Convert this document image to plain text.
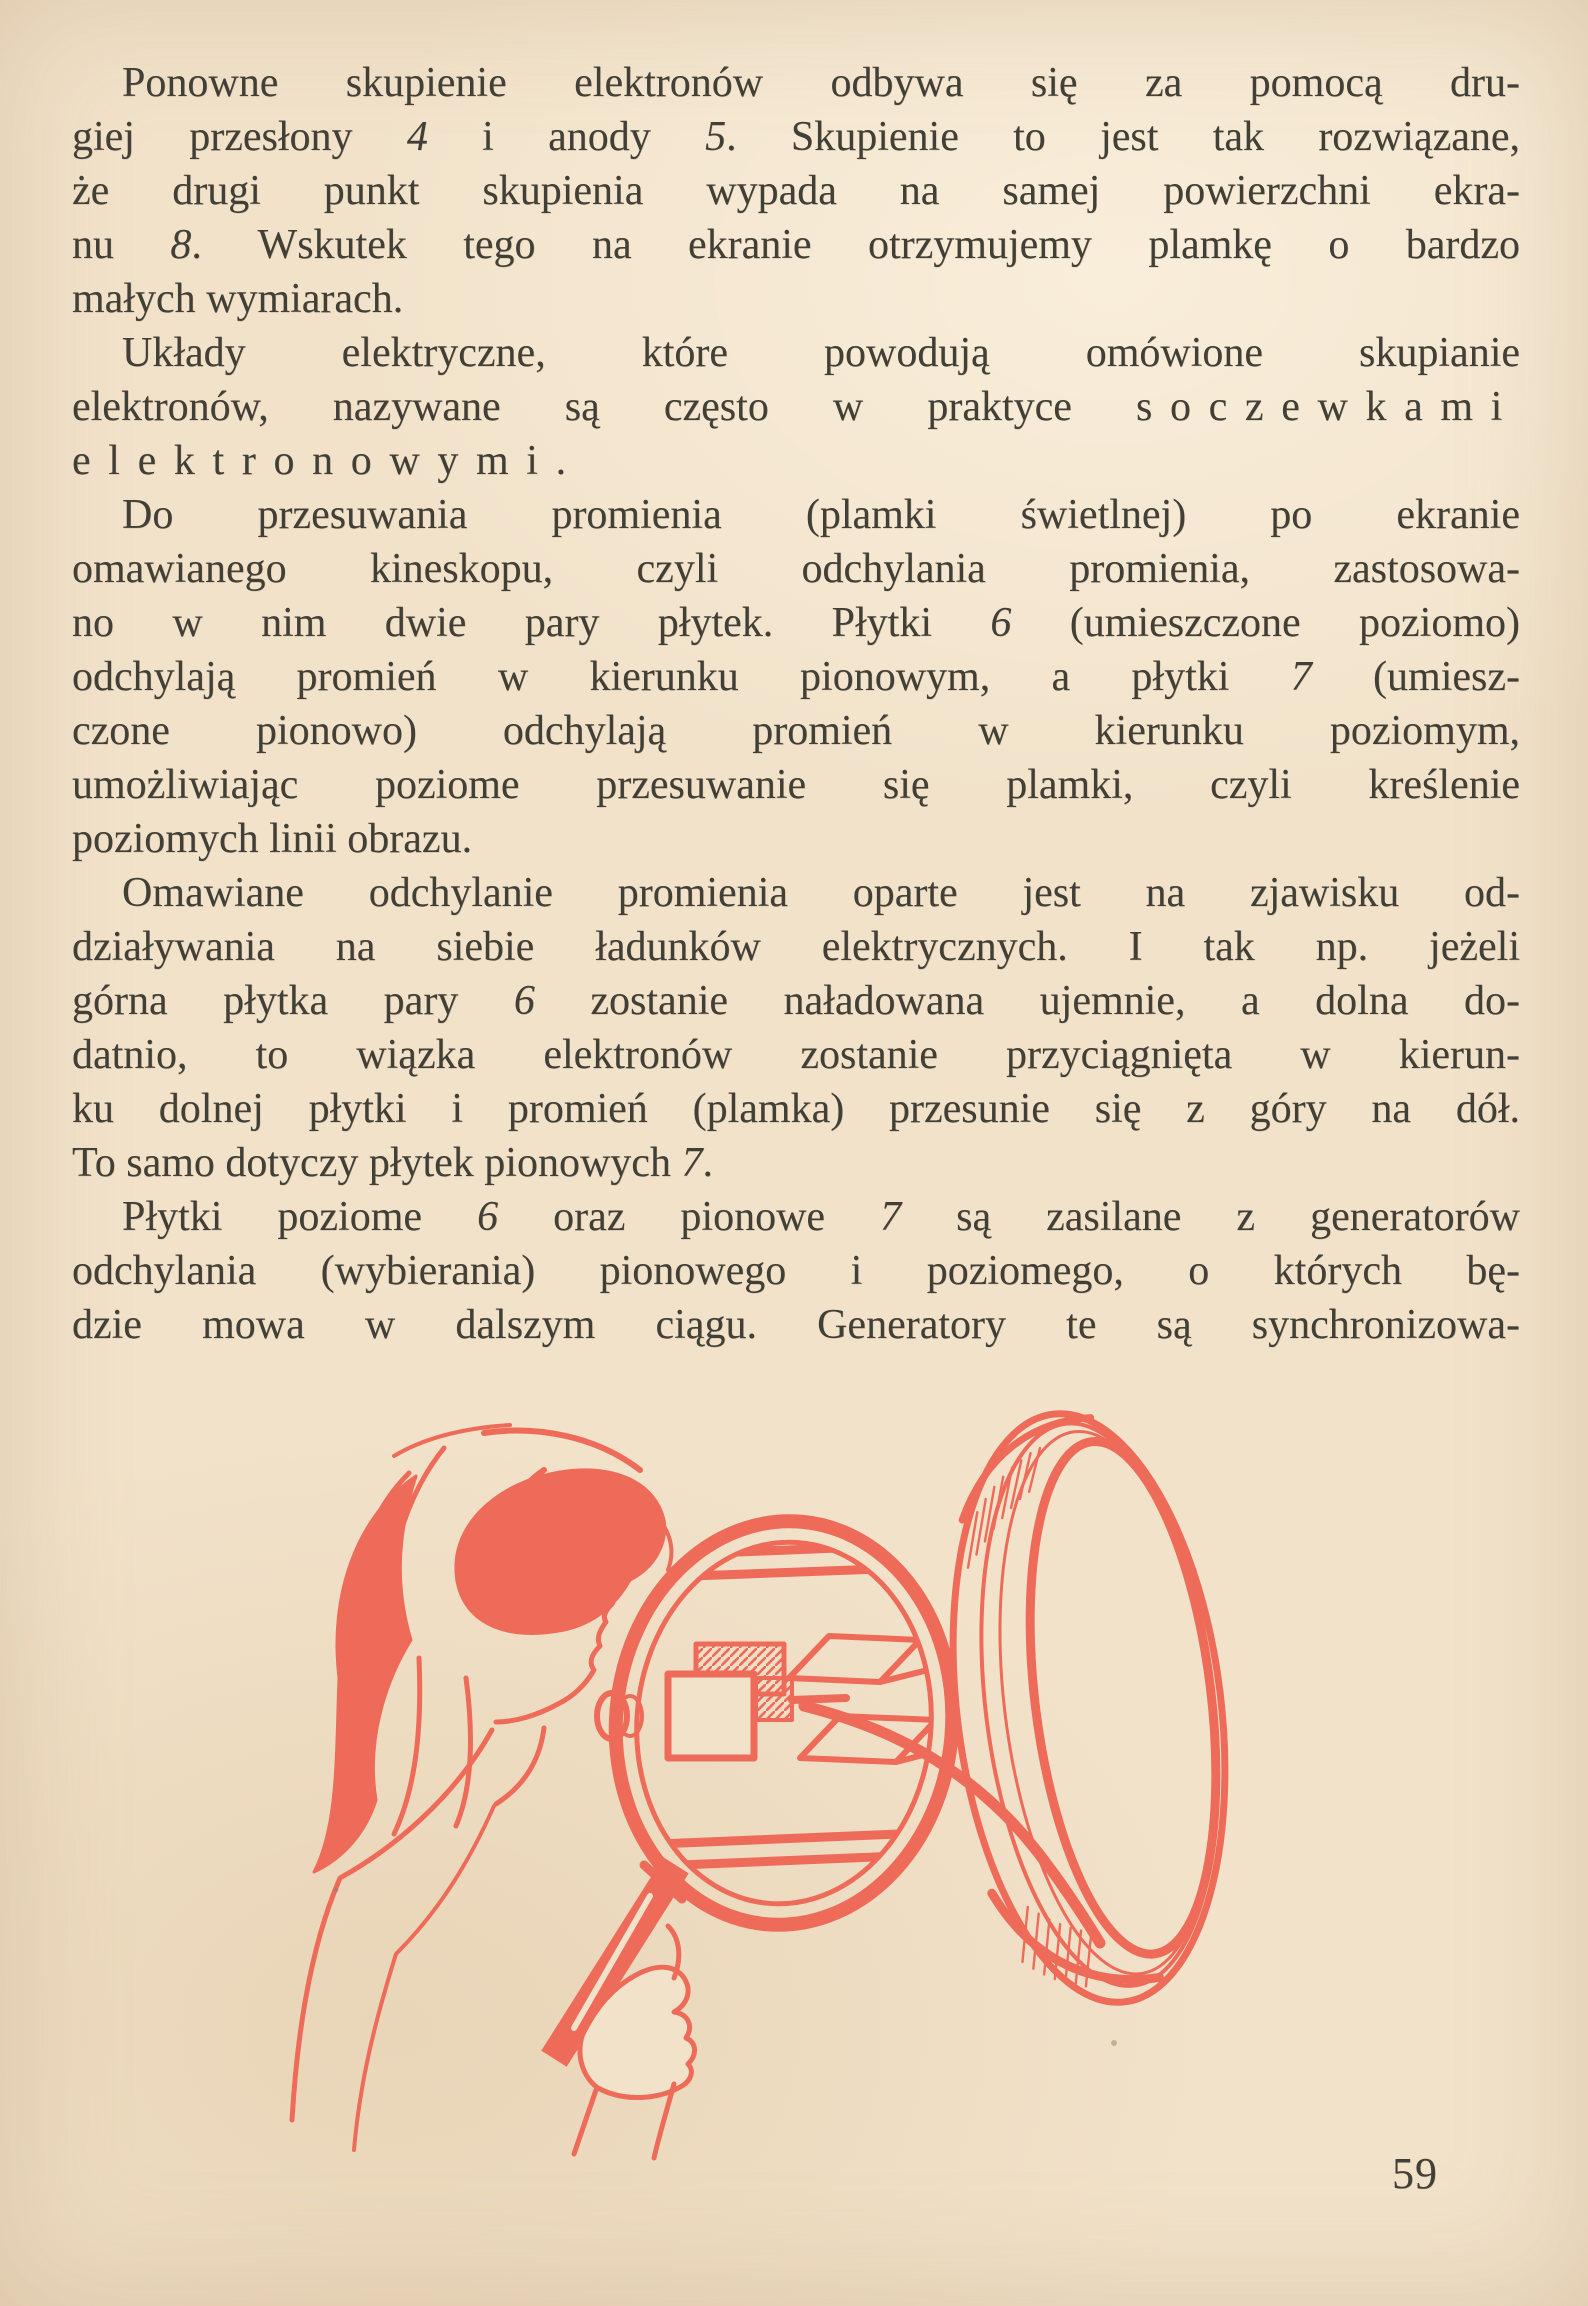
Ponowne skupienie elektronów odbywa się za pomocą dru-
giej przesłony 4 i anody 5. Skupienie to jest tak rozwiązane,
że drugi punkt skupienia wypada na samej powierzchni ekra-
nu 8. Wskutek tego na ekranie otrzymujemy plamkę o bardzo
małych wymiarach.
Układy elektryczne, które powodują omówione skupianie
elektronów, nazywane są często w praktyce soczewkami
elektronowymi.
Do przesuwania promienia (plamki świetlnej) po ekranie
omawianego kineskopu, czyli odchylania promienia, zastosowa-
no w nim dwie pary płytek. Płytki 6 (umieszczone poziomo)
odchylają promień w kierunku pionowym, a płytki 7 (umiesz-
czone pionowo) odchylają promień w kierunku poziomym,
umożliwiając poziome przesuwanie się plamki, czyli kreślenie
poziomych linii obrazu.
Omawiane odchylanie promienia oparte jest na zjawisku od-
działywania na siebie ładunków elektrycznych. I tak np. jeżeli
górna płytka pary 6 zostanie naładowana ujemnie, a dolna do-
datnio, to wiązka elektronów zostanie przyciągnięta w kierun-
ku dolnej płytki i promień (plamka) przesunie się z góry na dół.
To samo dotyczy płytek pionowych 7.
Płytki poziome 6 oraz pionowe 7 są zasilane z generatorów
odchylania (wybierania) pionowego i poziomego, o których bę-
dzie mowa w dalszym ciągu. Generatory te są synchronizowa-
59
